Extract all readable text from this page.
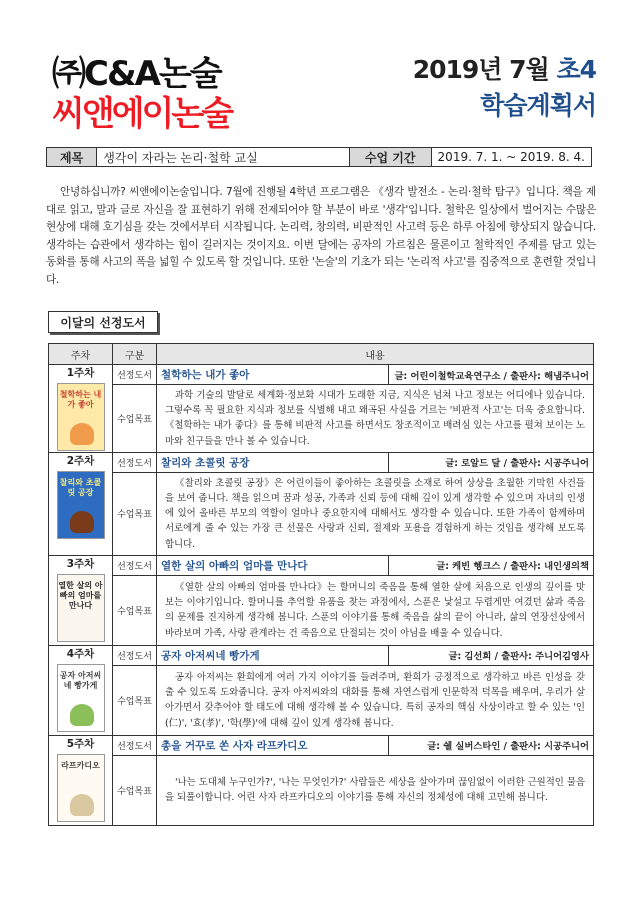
㈜C&A논술
씨앤에이논술
2019년 7월 초4
학습계획서
제목	생각이 자라는 논리·철학 교실	수업 기간	2019. 7. 1. ~ 2019. 8. 4.

안녕하십니까? 씨앤에이논술입니다. 7월에 진행될 4학년 프로그램은 《생각 발전소 - 논리·철학 탐구》입니다. 책을 제대로 읽고, 말과 글로 자신을 잘 표현하기 위해 전제되어야 할 부분이 바로 '생각'입니다. 철학은 일상에서 벌어지는 수많은 현상에 대해 호기심을 갖는 것에서부터 시작됩니다. 논리력, 창의력, 비판적인 사고력 등은 하루 아침에 향상되지 않습니다. 생각하는 습관에서 생각하는 힘이 길러지는 것이지요. 이번 달에는 공자의 가르침은 물론이고 철학적인 주제를 담고 있는 동화를 통해 사고의 폭을 넓힐 수 있도록 할 것입니다. 또한 '논술'의 기초가 되는 '논리적 사고'를 집중적으로 훈련할 것입니다.

이달의 선정도서
주차	구분	내용	

1주차
철학하는 내가 좋아	선정도서	철학하는 내가 좋아	글: 어린이철학교육연구소 / 출판사: 해냄주니어
	수업목표	과학 기술의 발달로 세계화·정보화 시대가 도래한 지금, 지식은 넘쳐 나고 정보는 어디에나 있습니다. 그렇수록 꼭 필요한 지식과 정보를 식별해 내고 왜곡된 사실을 거르는 '비판적 사고'는 더욱 중요합니다. 《철학하는 내가 좋다》를 통해 비판적 사고를 하면서도 창조적이고 배려심 있는 사고를 펼쳐 보이는 노마와 친구들을 만나 볼 수 있습니다.	

2주차
찰리와 초콜릿 공장	선정도서	찰리와 초콜릿 공장	글: 로알드 달 / 출판사: 시공주니어
	수업목표	《찰리와 초콜릿 공장》은 어린이들이 좋아하는 초콜릿을 소재로 하여 상상을 초월한 기막힌 사건들을 보여 줍니다. 책을 읽으며 꿈과 성공, 가족과 신뢰 등에 대해 깊이 있게 생각할 수 있으며 자녀의 인생에 있어 올바른 부모의 역할이 얼마나 중요한지에 대해서도 생각할 수 있습니다. 또한 가족이 함께하며 서로에게 줄 수 있는 가장 큰 선물은 사랑과 신뢰, 절제와 포용을 경험하게 하는 것임을 생각해 보도록 합니다.	

3주차
열한 살의 아빠의 엄마를 만나다	선정도서	열한 살의 아빠의 엄마를 만나다	글: 케빈 헹크스 / 출판사: 내인생의책
	수업목표	《열한 살의 아빠의 엄마를 만나다》는 할머니의 죽음을 통해 열한 살에 처음으로 인생의 깊이를 맛보는 이야기입니다. 할머니를 추억할 유품을 찾는 과정에서, 스푼은 낯설고 두렵게만 여겼던 삶과 죽음의 문제를 진지하게 생각해 봅니다. 스푼의 이야기를 통해 죽음을 삶의 끝이 아니라, 삶의 연장선상에서 바라보며 가족, 사랑 관계라는 건 죽음으로 단절되는 것이 아님을 배울 수 있습니다.	

4주차
공자 아저씨네 빵가게	선정도서	공자 아저씨네 빵가게	글: 김선희 / 출판사: 주니어김영사
	수업목표	공자 아저씨는 환희에게 여러 가지 이야기를 들려주며, 환희가 긍정적으로 생각하고 바른 인성을 갖출 수 있도록 도와줍니다. 공자 아저씨와의 대화를 통해 자연스럽게 인문학적 덕목을 배우며, 우리가 살아가면서 갖추어야 할 태도에 대해 생각해 볼 수 있습니다. 특히 공자의 핵심 사상이라고 할 수 있는 '인(仁)', '효(孝)', '학(學)'에 대해 깊이 있게 생각해 봅니다.	

5주차
라프카디오	선정도서	총을 거꾸로 쏜 사자 라프카디오	글: 쉘 실버스타인 / 출판사: 시공주니어
	수업목표	'나는 도대체 누구인가?', '나는 무엇인가?' 사람들은 세상을 살아가며 끊임없이 이러한 근원적인 물음을 되풀이합니다. 어린 사자 라프카디오의 이야기를 통해 자신의 정체성에 대해 고민해 봅니다.	
